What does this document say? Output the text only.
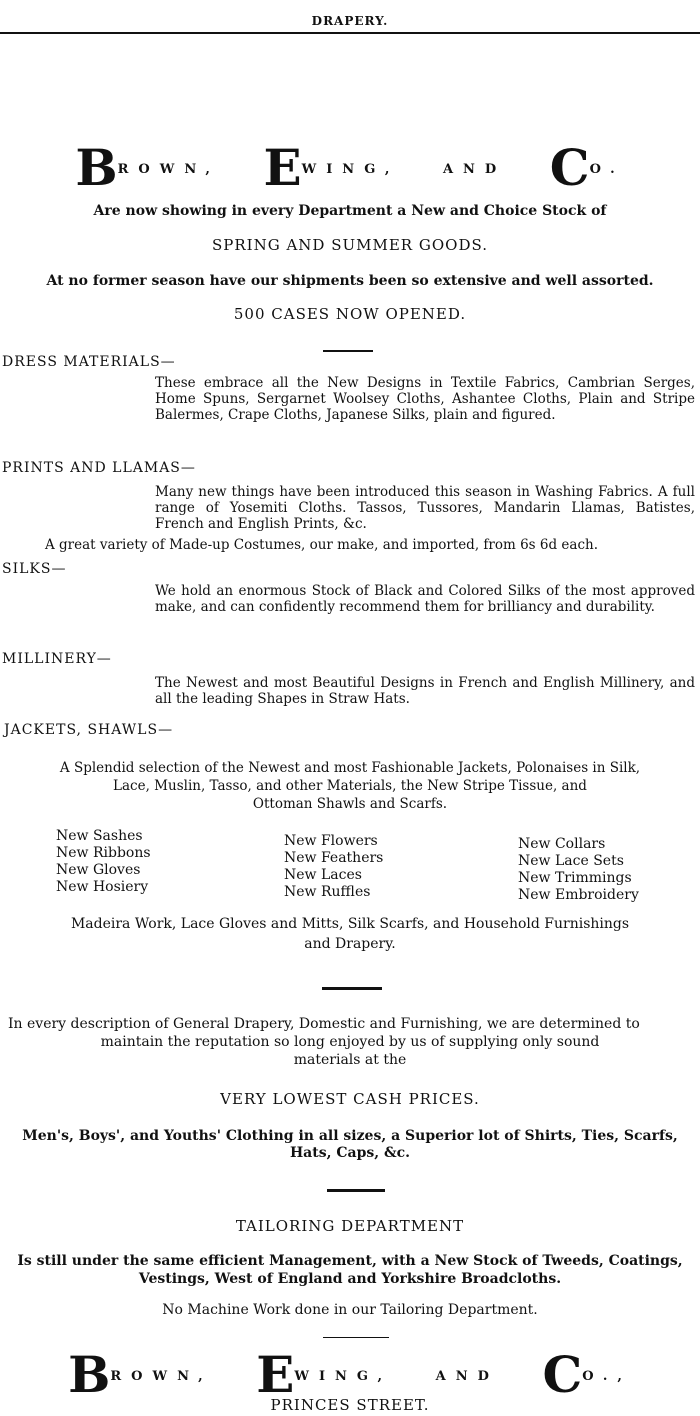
DRAPERY.
BROWN, EWING,	AND CO.
Are now showing in every Department a New and Choice Stock of
SPRING AND SUMMER GOODS.
At no former season have our shipments been so extensive and well assorted.
500 CASES NOW OPENED.
DRESS MATERIALS—
These embrace all the New Designs in Textile Fabrics, Cambrian Serges, Home Spuns, Sergarnet Woolsey Cloths, Ashantee Cloths, Plain and Stripe Balermes, Crape Cloths, Japanese Silks, plain and figured.
PRINTS AND LLAMAS—
Many new things have been introduced this season in Washing Fabrics. A full range of Yosemiti Cloths. Tassos, Tussores, Mandarin Llamas, Batistes, French and English Prints, &c.
A great variety of Made-up Costumes, our make, and imported, from 6s 6d each.
SILKS—
We hold an enormous Stock of Black and Colored Silks of the most approved make, and can confidently recommend them for brilliancy and durability.
MILLINERY—
The Newest and most Beautiful Designs in French and English Millinery, and all the leading Shapes in Straw Hats.
JACKETS, SHAWLS—
A Splendid selection of the Newest and most Fashionable Jackets, Polonaises in Silk,
Lace, Muslin, Tasso, and other Materials, the New Stripe Tissue, and
Ottoman Shawls and Scarfs.
New Sashes
New Ribbons
New Gloves
New Hosiery
New Flowers
New Feathers
New Laces
New Ruffles
New Collars
New Lace Sets
New Trimmings
New Embroidery
Madeira Work, Lace Gloves and Mitts, Silk Scarfs, and Household Furnishings
and Drapery.
In every description of General Drapery, Domestic and Furnishing, we are determined to
maintain the reputation so long enjoyed by us of supplying only sound
materials at the
VERY LOWEST CASH PRICES.
Men's, Boys', and Youths' Clothing in all sizes, a Superior lot of Shirts, Ties, Scarfs,
Hats, Caps, &c.
TAILORING DEPARTMENT
Is still under the same efficient Management, with a New Stock of Tweeds, Coatings,
Vestings, West of England and Yorkshire Broadcloths.
No Machine Work done in our Tailoring Department.
BROWN, EWING,	AND CO.,
PRINCES STREET.
